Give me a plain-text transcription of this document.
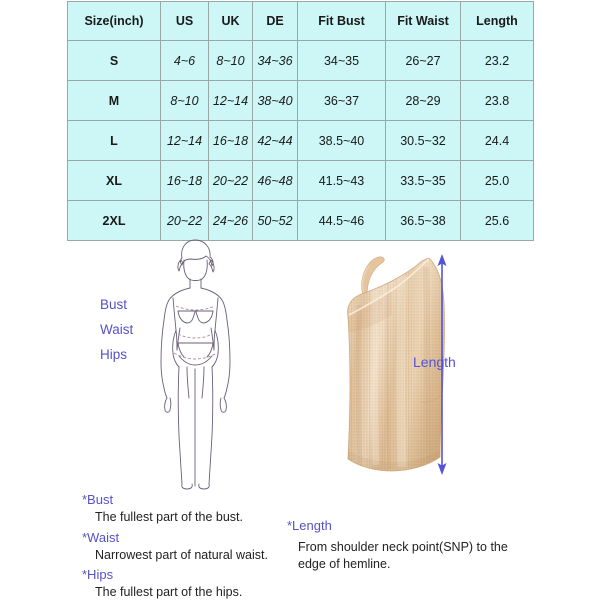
Size(inch)	US	UK	DE	Fit Bust	Fit Waist	Length
S	4~6	8~10	34~36	34~35	26~27	23.2
M	8~10	12~14	38~40	36~37	28~29	23.8
L	12~14	16~18	42~44	38.5~40	30.5~32	24.4
XL	16~18	20~22	46~48	41.5~43	33.5~35	25.0
2XL	20~22	24~26	50~52	44.5~46	36.5~38	25.6
Bust
Waist
Hips	Length
*Bust
The fullest part of the bust.
*Waist
Narrowest part of natural waist.
*Hips
The fullest part of the hips.
*Length
From shoulder neck point(SNP) to the
edge of hemline.
